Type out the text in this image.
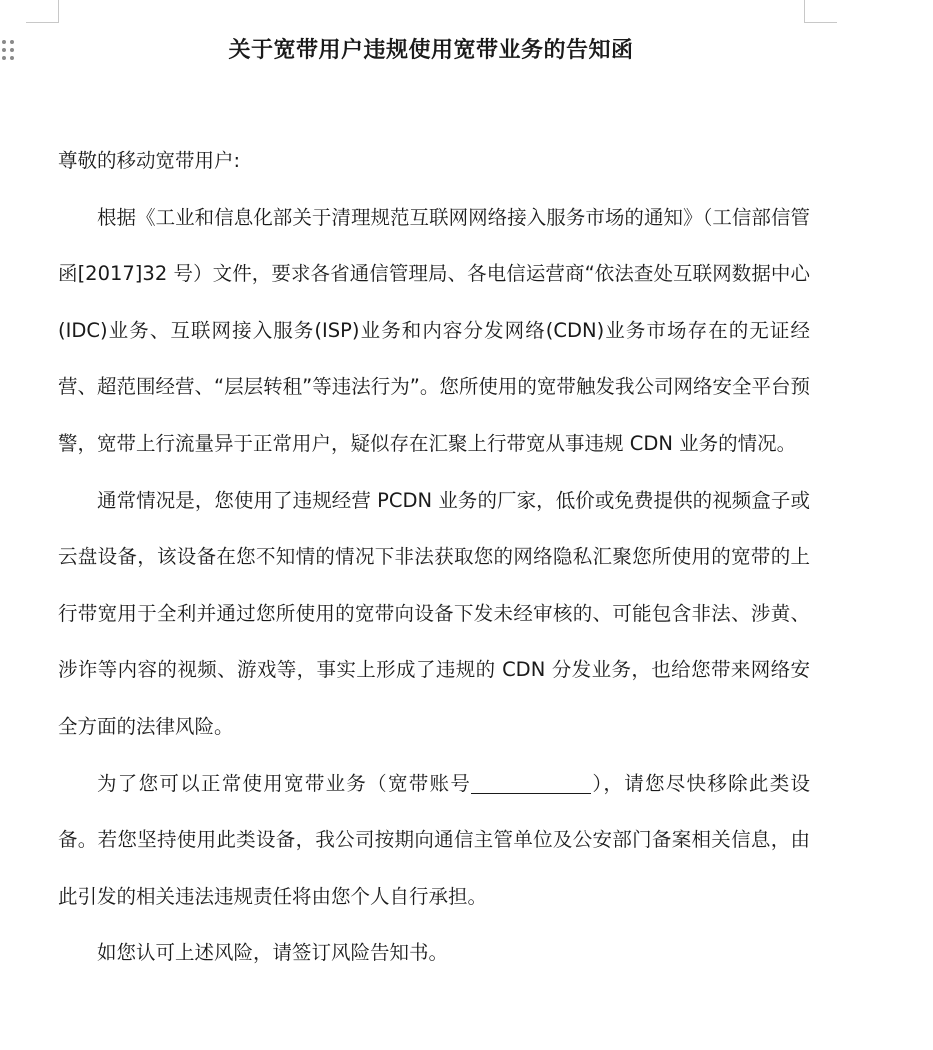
关于宽带用户违规使用宽带业务的告知函

尊敬的移动宽带用户:

根据《工业和信息化部关于清理规范互联网网络接入服务市场的通知》（工信部信管函[2017]32 号）文件，要求各省通信管理局、各电信运营商“依法查处互联网数据中心(IDC)业务、互联网接入服务(ISP)业务和内容分发网络(CDN)业务市场存在的无证经营、超范围经营、“层层转租”等违法行为”。您所使用的宽带触发我公司网络安全平台预警，宽带上行流量异于正常用户，疑似存在汇聚上行带宽从事违规 CDN 业务的情况。

通常情况是，您使用了违规经营 PCDN 业务的厂家，低价或免费提供的视频盒子或云盘设备，该设备在您不知情的情况下非法获取您的网络隐私汇聚您所使用的宽带的上行带宽用于全利并通过您所使用的宽带向设备下发未经审核的、可能包含非法、涉黄、涉诈等内容的视频、游戏等，事实上形成了违规的 CDN 分发业务，也给您带来网络安全方面的法律风险。

为了您可以正常使用宽带业务（宽带账号	），请您尽快移除此类设备。若您坚持使用此类设备，我公司按期向通信主管单位及公安部门备案相关信息，由此引发的相关违法违规责任将由您个人自行承担。

如您认可上述风险，请签订风险告知书。
